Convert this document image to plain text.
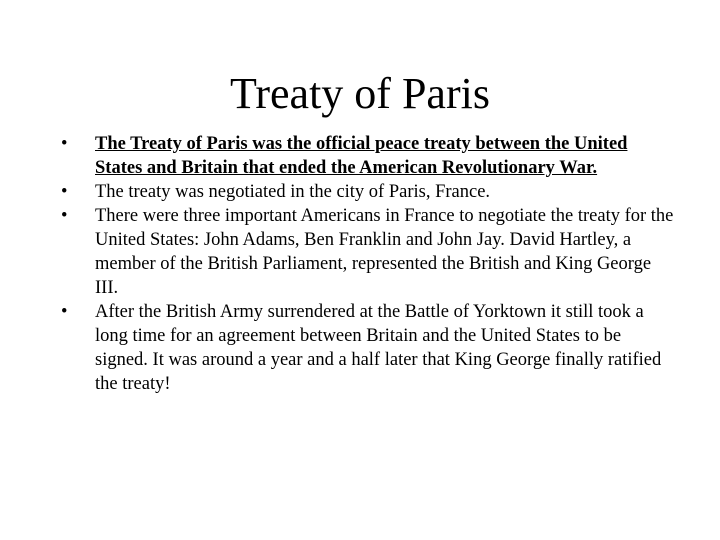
Treaty of Paris
•	The Treaty of Paris was the official peace treaty between the United States and Britain that ended the American Revolutionary War.
•	The treaty was negotiated in the city of Paris, France.
•	There were three important Americans in France to negotiate the treaty for the United States: John Adams, Ben Franklin and John Jay. David Hartley, a member of the British Parliament, represented the British and King George III.
•	After the British Army surrendered at the Battle of Yorktown it still took a long time for an agreement between Britain and the United States to be signed. It was around a year and a half later that King George finally ratified the treaty!
